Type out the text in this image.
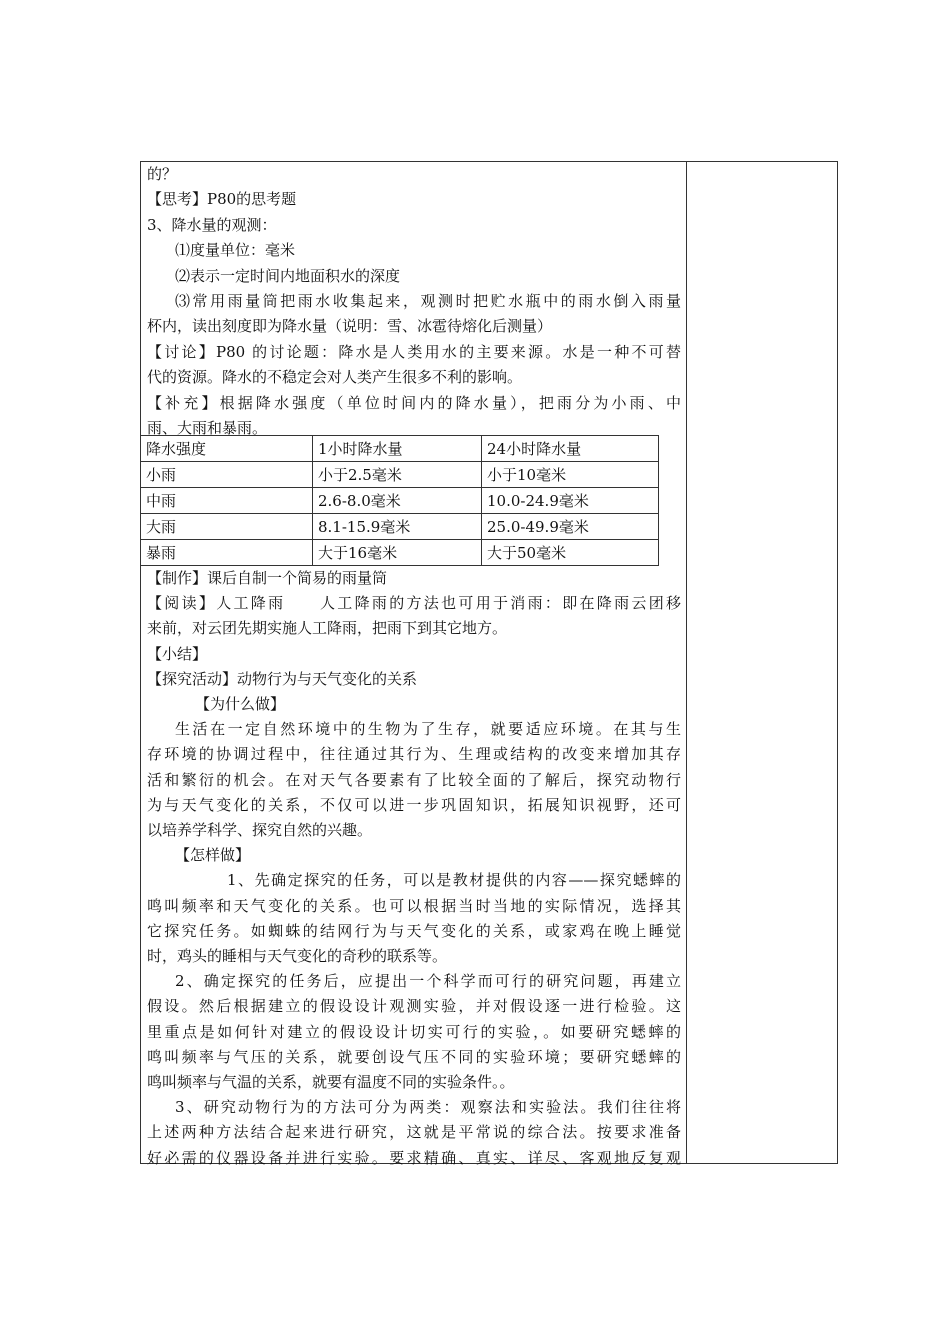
的？
【思考】P80的思考题
3、降水量的观测：
⑴度量单位：毫米
⑵表示一定时间内地面积水的深度
⑶常用雨量筒把雨水收集起来，观测时把贮水瓶中的雨水倒入雨量
杯内，读出刻度即为降水量（说明：雪、冰雹待熔化后测量）
【讨论】P80 的讨论题：降水是人类用水的主要来源。水是一种不可替
代的资源。降水的不稳定会对人类产生很多不利的影响。
【补充】根据降水强度（单位时间内的降水量），把雨分为小雨、中
雨、大雨和暴雨。
降水强度	1小时降水量	24小时降水量
小雨	小于2.5毫米	小于10毫米
中雨	2.6-8.0毫米	10.0-24.9毫米
大雨	8.1-15.9毫米	25.0-49.9毫米
暴雨	大于16毫米	大于50毫米
【制作】课后自制一个简易的雨量筒
【阅读】人工降雨　　人工降雨的方法也可用于消雨：即在降雨云团移
来前，对云团先期实施人工降雨，把雨下到其它地方。
【小结】
【探究活动】动物行为与天气变化的关系
【为什么做】
生活在一定自然环境中的生物为了生存，就要适应环境。在其与生
存环境的协调过程中，往往通过其行为、生理或结构的改变来增加其存
活和繁衍的机会。在对天气各要素有了比较全面的了解后，探究动物行
为与天气变化的关系，不仅可以进一步巩固知识，拓展知识视野，还可
以培养学科学、探究自然的兴趣。
【怎样做】
1、先确定探究的任务，可以是教材提供的内容——探究蟋蟀的
鸣叫频率和天气变化的关系。也可以根据当时当地的实际情况，选择其
它探究任务。如蜘蛛的结网行为与天气变化的关系，或家鸡在晚上睡觉
时，鸡头的睡相与天气变化的奇秒的联系等。
2、确定探究的任务后，应提出一个科学而可行的研究问题，再建立
假设。然后根据建立的假设设计观测实验，并对假设逐一进行检验。这
里重点是如何针对建立的假设设计切实可行的实验，。如要研究蟋蟀的
鸣叫频率与气压的关系，就要创设气压不同的实验环境；要研究蟋蟀的
鸣叫频率与气温的关系，就要有温度不同的实验条件。。
3、研究动物行为的方法可分为两类：观察法和实验法。我们往往将
上述两种方法结合起来进行研究，这就是平常说的综合法。按要求准备
好必需的仪器设备并进行实验。要求精确、真实、详尽、客观地反复观
